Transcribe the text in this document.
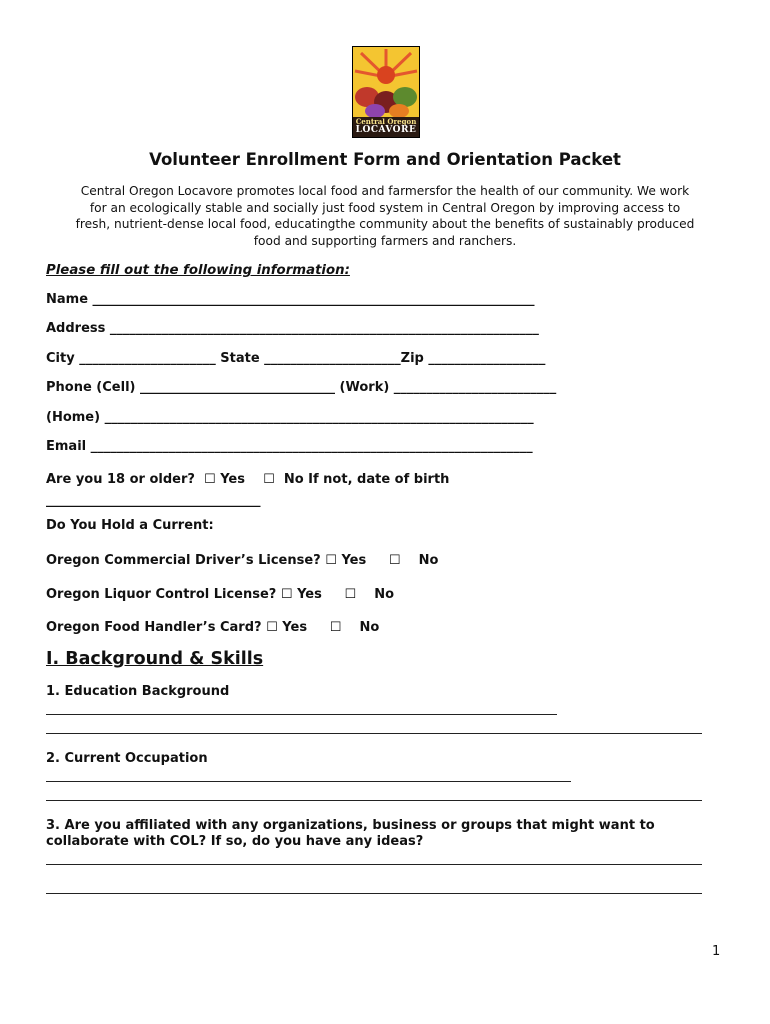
Central Oregon
LOCAVORE
Volunteer Enrollment Form and Orientation Packet
Central Oregon Locavore promotes local food and farmersfor the health of our community. We work
for an ecologically stable and socially just food system in Central Oregon by improving access to
fresh, nutrient-dense local food, educatingthe community about the benefits of sustainably produced
food and supporting farmers and ranchers.
Please fill out the following information:
Name ____________________________________________________________________
Address __________________________________________________________________
City _____________________ State _____________________Zip __________________
Phone (Cell) ______________________________ (Work) _________________________
(Home) __________________________________________________________________
Email ____________________________________________________________________
Are you 18 or older? ☐ Yes ☐ No If not, date of birth
_________________________________
Do You Hold a Current:
Oregon Commercial Driver’s License? ☐ Yes ☐ No
Oregon Liquor Control License? ☐ Yes ☐ No
Oregon Food Handler’s Card? ☐ Yes ☐ No
I. Background & Skills
1. Education Background
2. Current Occupation
3. Are you affiliated with any organizations, business or groups that might want to
collaborate with COL? If so, do you have any ideas?
1
